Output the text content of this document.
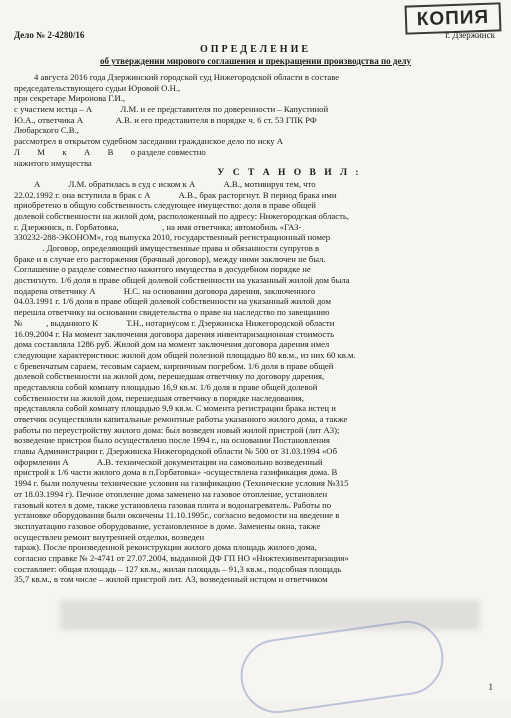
КОПИЯ
Дело № 2-4280/16	г. Дзержинск
ОПРЕДЕЛЕНИЕ
об утверждении мирового соглашения и прекращении производства по делу
4 августа 2016 года Дзержинский городской суд Нижегородской области в составе
председательствующего судьи Юровой О.Н.,
при секретаре Миронова Г.И.,
с участием истца – А             Л.М. и ее представителя по доверенности – Капустиной
Ю.А., ответчика А               А.В. и его представителя в порядке ч. 6 ст. 53 ГПК РФ
Любарского С.В.,
рассмотрел в открытом судебном заседании гражданское дело по иску А
Л        М        к        А        В        о разделе совместно
нажитого имущества
У С Т А Н О В И Л :
А             Л.М. обратилась в суд с иском к А             А.В., мотивируя тем, что
22.02.1992 г. она вступила в брак с А             А.В., брак расторгнут. В период брака ими
приобретено в общую собственность следующее имущество: доля в праве общей
долевой собственности на жилой дом, расположенный по адресу: Нижегородская область,
г. Дзержинск, п. Горбатовка,                    , на имя ответчика; автомобиль «ГАЗ-
330232-288-ЭКОНОМ», год выпуска 2010, государственный регистрационный номер
. Договор, определяющий имущественные права и обязанности супругов в
браке и в случае его расторжения (брачный договор), между ними заключен не был.
Соглашение о разделе совместно нажитого имущества в досудебном порядке не
достигнуто. 1/6 доля в праве общей долевой собственности на указанный жилой дом была
подарена ответчику А             Н.С. на основании договора дарения, заключенного
04.03.1991 г. 1/6 доля в праве общей долевой собственности на указанный жилой дом
перешла ответчику на основании свидетельства о праве на наследство по завещанию
№           , выданного К             Т.Н., нотариусом г. Дзержинска Нижегородской области
16.09.2004 г. На момент заключения договора дарения инвентаризационная стоимость
дома составляла 1286 руб. Жилой дом на момент заключения договора дарения имел
следующие характеристики: жилой дом общей полезной площадью 80 кв.м., из них 60 кв.м.
с бревенчатым сараем, тесовым сараем, кирпичным погребом. 1/6 доля в праве общей
долевой собственности на жилой дом, перешедшая ответчику по договору дарения,
представляла собой комнату площадью 16,9 кв.м. 1/6 доля в праве общей долевой
собственности на жилой дом, перешедшая ответчику в порядке наследования,
представляла собой комнату площадью 9,9 кв.м. С момента регистрации брака истец и
ответчик осуществляли капитальные ремонтные работы указанного жилого дома, а также
работы по переустройству жилого дома: был возведен новый жилой пристрой (лит А3);
возведение пристроя было осуществлено после 1994 г., на основании Постановления
главы Администрации г. Дзержинска Нижегородской области № 500 от 31.03.1994 «Об
оформлении А             А.В. технической документации на самовольно возведенный
пристрой к 1/6 части жилого дома в п.Горбатовка» -осуществлена газификация дома. В
1994 г. были получены технические условия на газификацию (Технические условия №315
от 18.03.1994 г). Печное отопление дома заменено на газовое отопление, установлен
газовый котел в доме, также установлена газовая плита и водонагреватель. Работы по
установке оборудования были окончены 11.10.1995г., согласно ведомости на введение в
эксплуатацию газовое оборудование, установленное в доме. Заменены окна, также
осуществлен ремонт внутренней отделки, возведен
тараж). После произведенной реконструкции жилого дома площадь жилого дома,
согласно справке № 2-4741 от 27.07.2004, выданной ДФ ГП НО «Нижтехинвентаризация»
составляет: общая площадь – 127 кв.м., жилая площадь – 91,3 кв.м., подсобная площадь
35,7 кв.м., в том числе – жилой пристрой лит. А3, возведенный истцом и ответчиком
1
